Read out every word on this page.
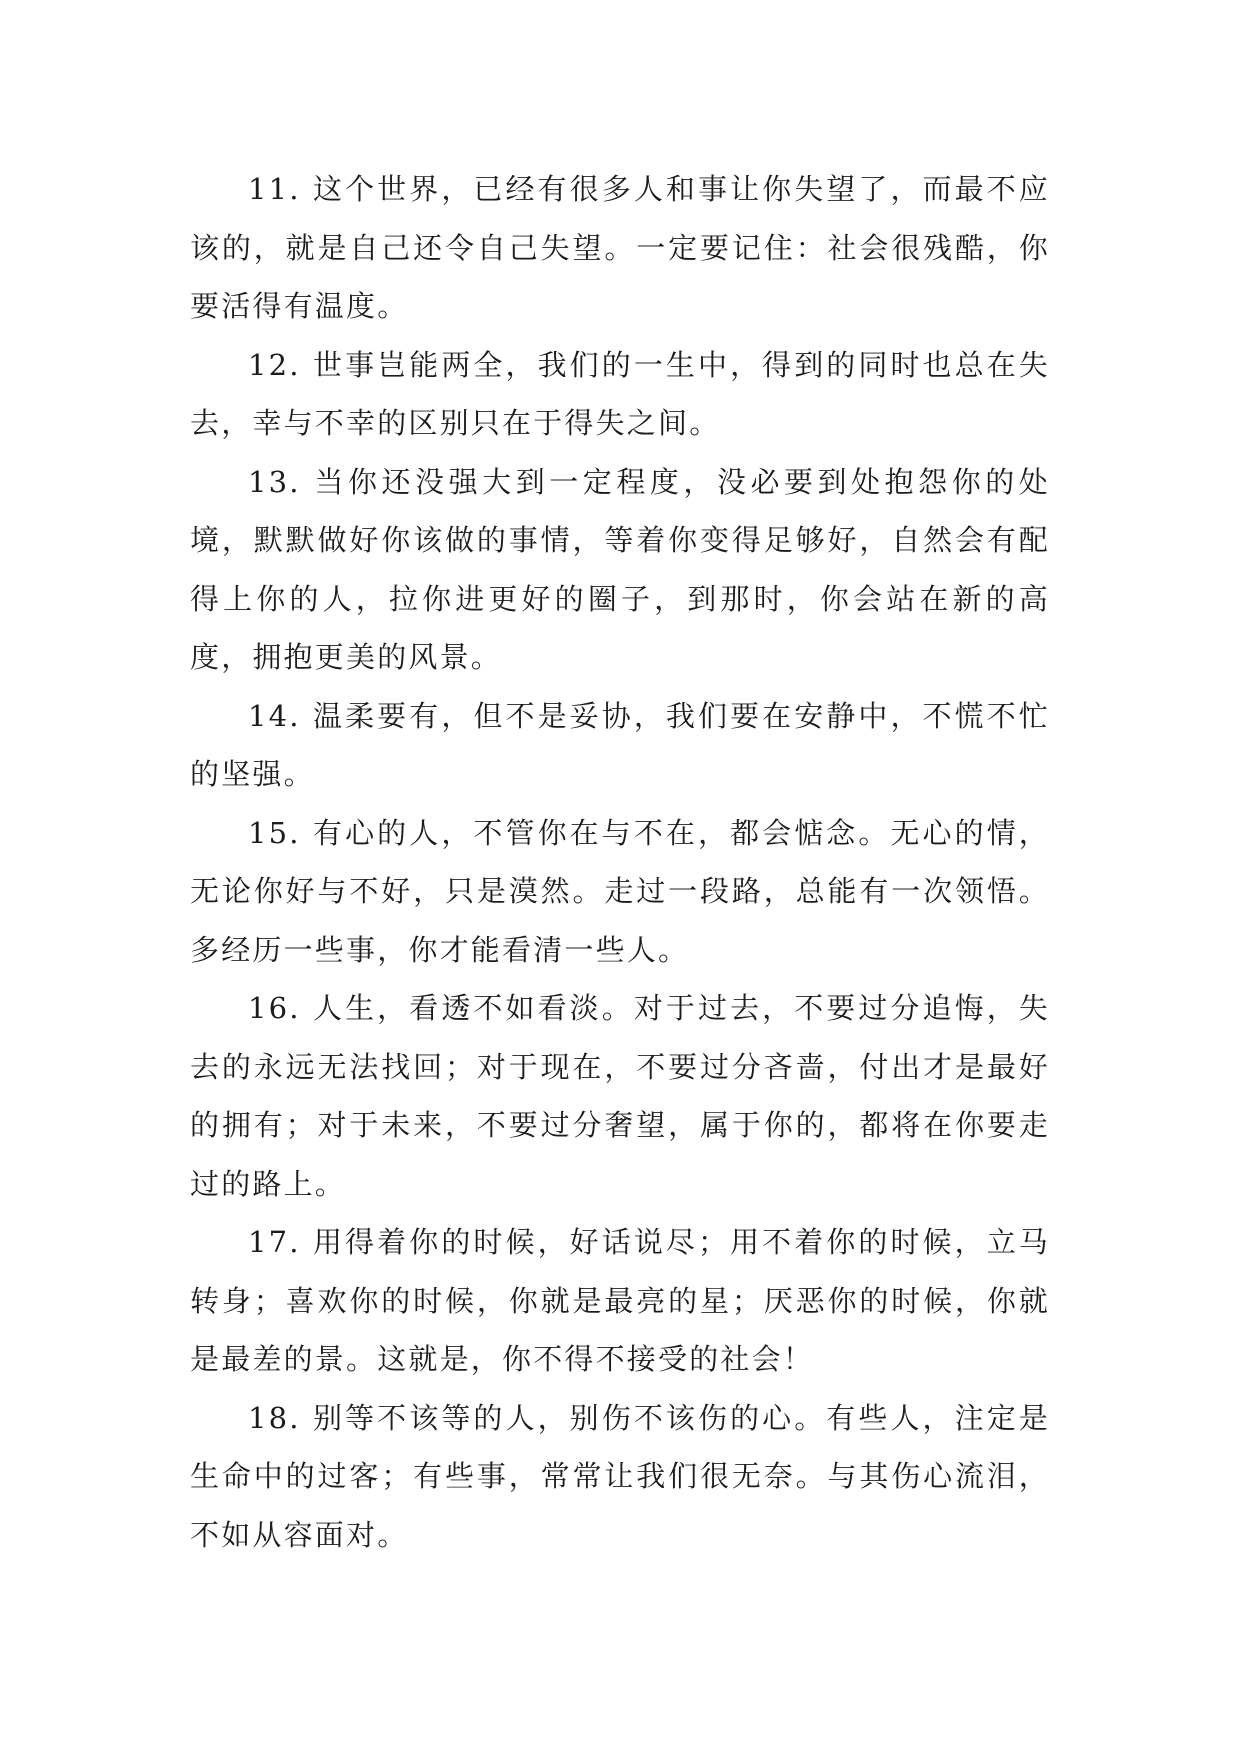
11. 这个世界，已经有很多人和事让你失望了，而最不应该的，就是自己还令自己失望。一定要记住：社会很残酷，你要活得有温度。

12. 世事岂能两全，我们的一生中，得到的同时也总在失去，幸与不幸的区别只在于得失之间。

13. 当你还没强大到一定程度，没必要到处抱怨你的处境，默默做好你该做的事情，等着你变得足够好，自然会有配得上你的人，拉你进更好的圈子，到那时，你会站在新的高度，拥抱更美的风景。

14. 温柔要有，但不是妥协，我们要在安静中，不慌不忙的坚强。

15. 有心的人，不管你在与不在，都会惦念。无心的情，无论你好与不好，只是漠然。走过一段路，总能有一次领悟。多经历一些事，你才能看清一些人。

16. 人生，看透不如看淡。对于过去，不要过分追悔，失去的永远无法找回；对于现在，不要过分吝啬，付出才是最好的拥有；对于未来，不要过分奢望，属于你的，都将在你要走过的路上。

17. 用得着你的时候，好话说尽；用不着你的时候，立马转身；喜欢你的时候，你就是最亮的星；厌恶你的时候，你就是最差的景。这就是，你不得不接受的社会！

18. 别等不该等的人，别伤不该伤的心。有些人，注定是生命中的过客；有些事，常常让我们很无奈。与其伤心流泪，不如从容面对。
